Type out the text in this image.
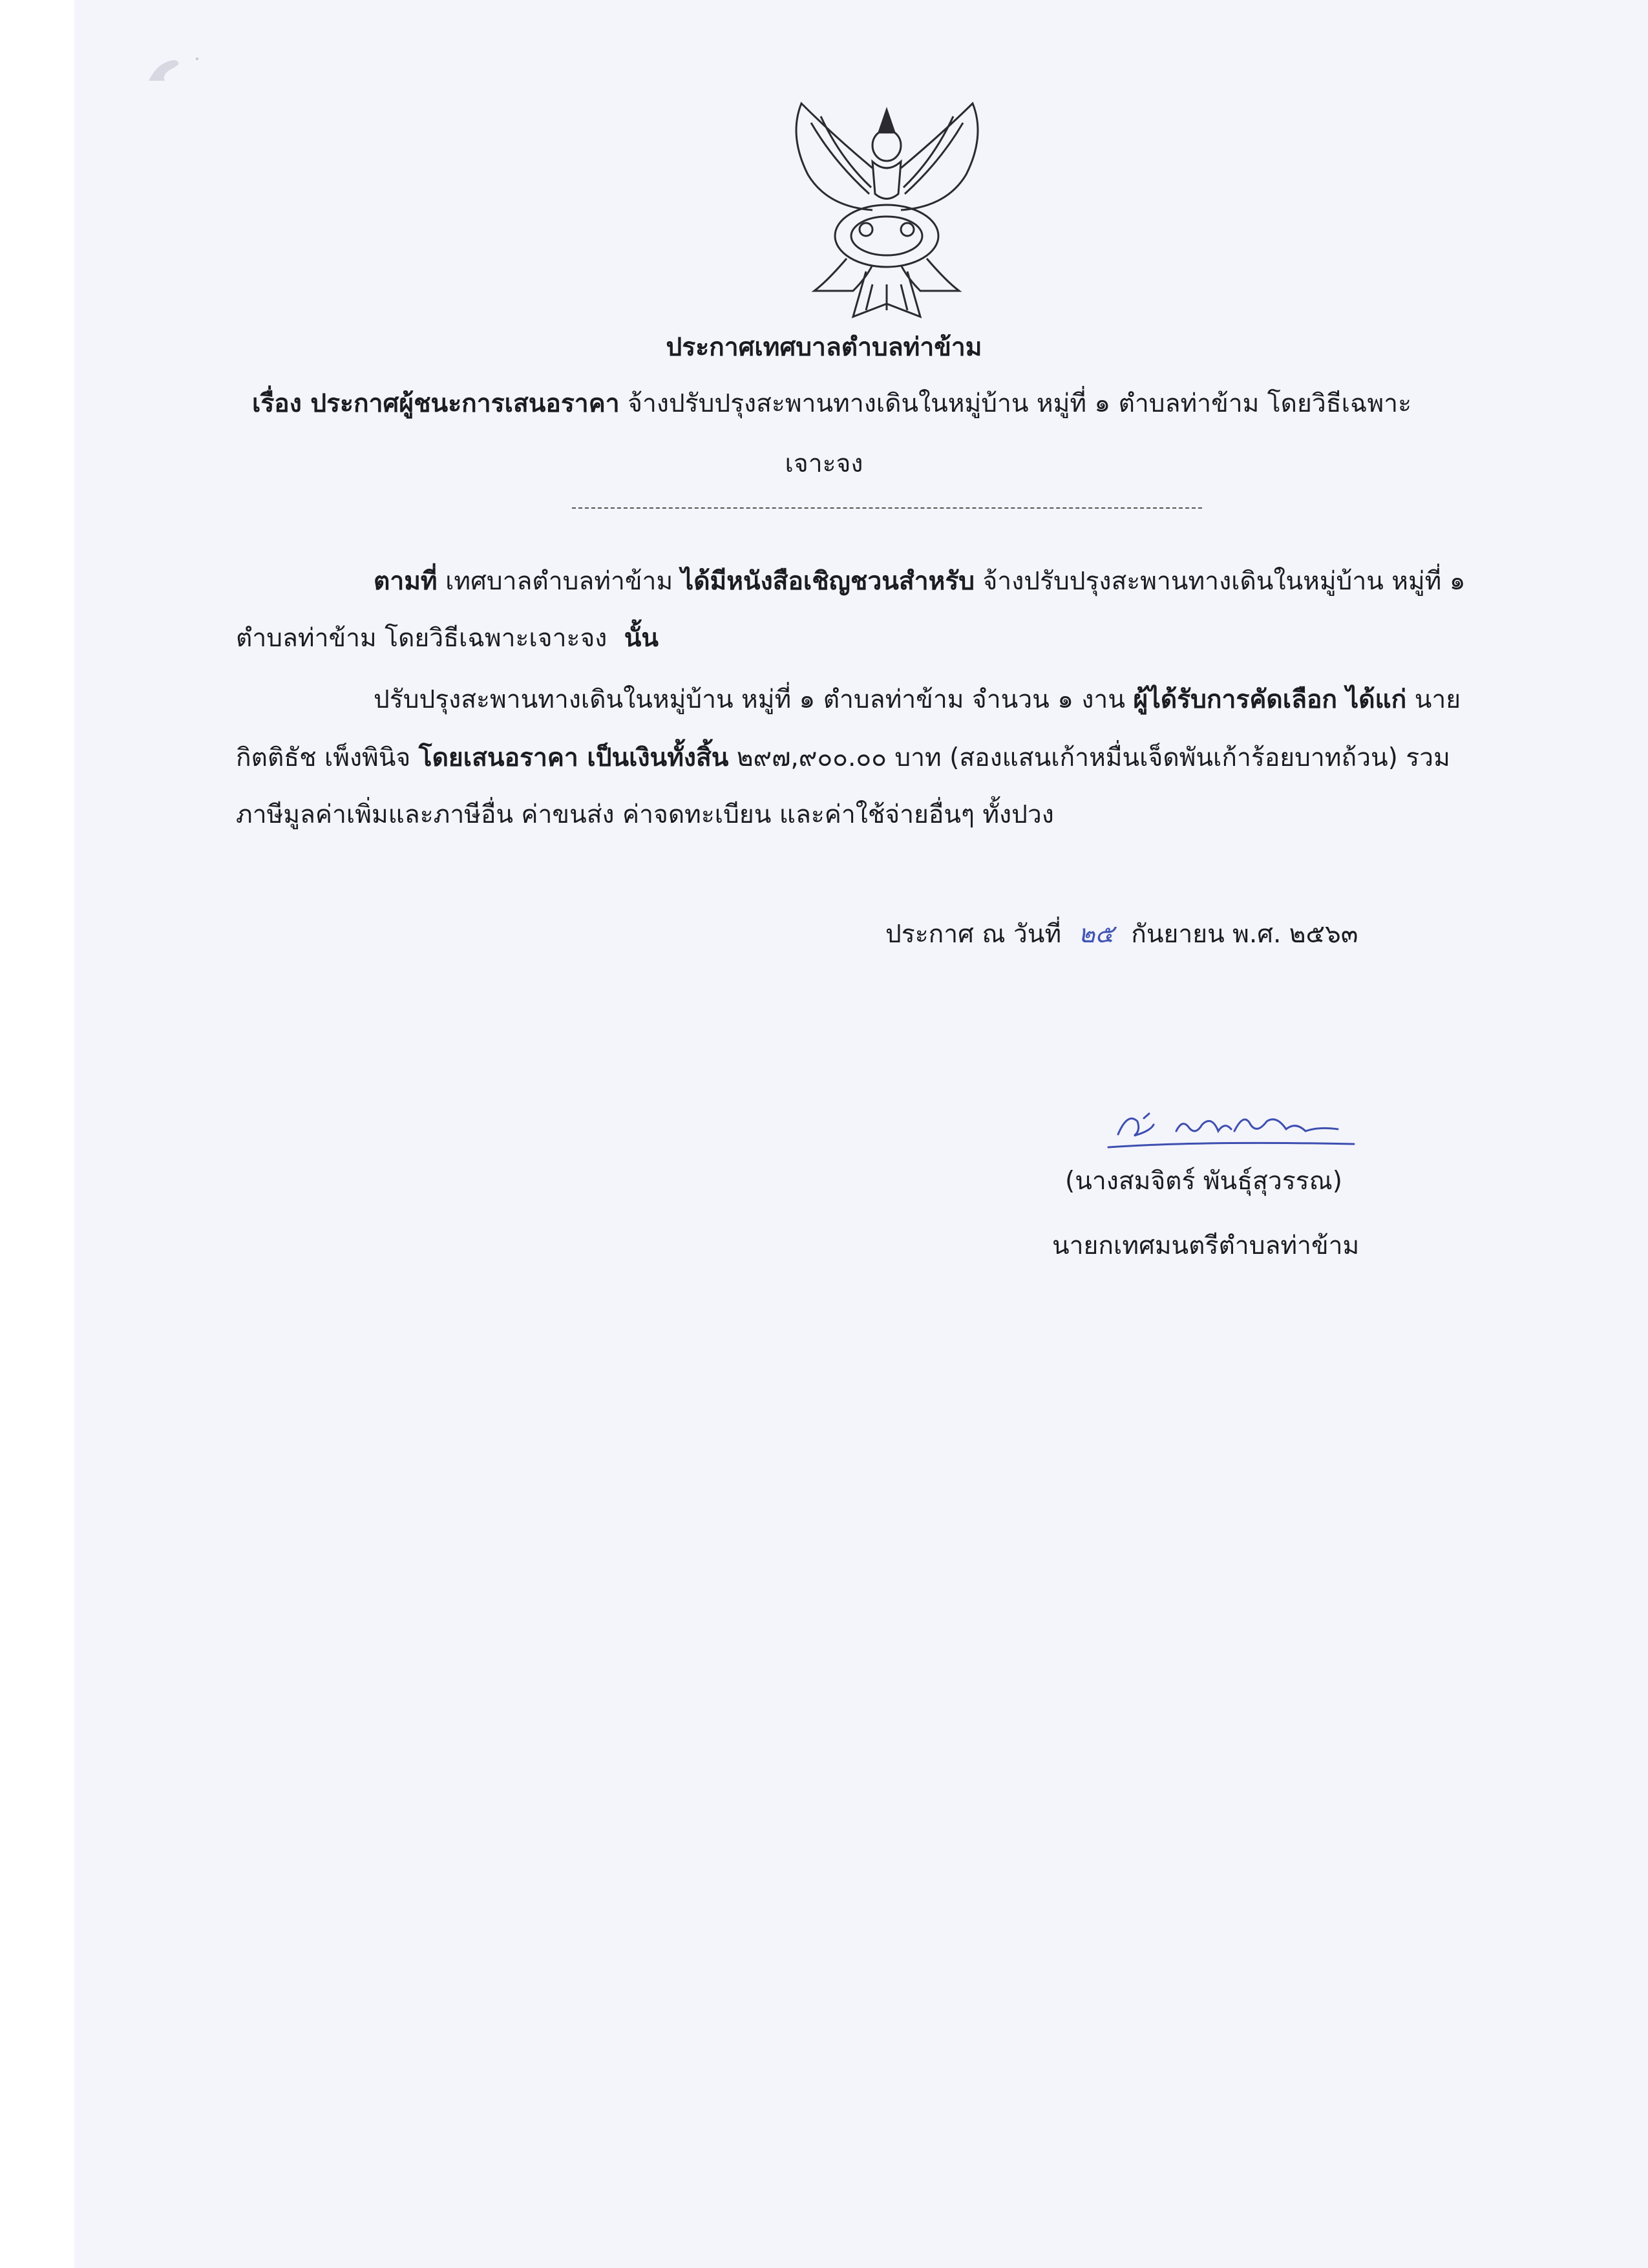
ประกาศเทศบาลตำบลท่าข้าม
เรื่อง ประกาศผู้ชนะการเสนอราคา จ้างปรับปรุงสะพานทางเดินในหมู่บ้าน หมู่ที่ ๑ ตำบลท่าข้าม โดยวิธีเฉพาะ
เจาะจง
ตามที่ เทศบาลตำบลท่าข้าม ได้มีหนังสือเชิญชวนสำหรับ จ้างปรับปรุงสะพานทางเดินในหมู่บ้าน หมู่ที่ ๑
ตำบลท่าข้าม โดยวิธีเฉพาะเจาะจง นั้น
ปรับปรุงสะพานทางเดินในหมู่บ้าน หมู่ที่ ๑ ตำบลท่าข้าม จำนวน ๑ งาน ผู้ได้รับการคัดเลือก ได้แก่ นาย
กิตติธัช เพ็งพินิจ โดยเสนอราคา เป็นเงินทั้งสิ้น ๒๙๗,๙๐๐.๐๐ บาท (สองแสนเก้าหมื่นเจ็ดพันเก้าร้อยบาทถ้วน) รวม
ภาษีมูลค่าเพิ่มและภาษีอื่น ค่าขนส่ง ค่าจดทะเบียน และค่าใช้จ่ายอื่นๆ ทั้งปวง
ประกาศ ณ วันที่ ๒๕ กันยายน พ.ศ. ๒๕๖๓
(นางสมจิตร์ พันธุ์สุวรรณ)
นายกเทศมนตรีตำบลท่าข้าม
